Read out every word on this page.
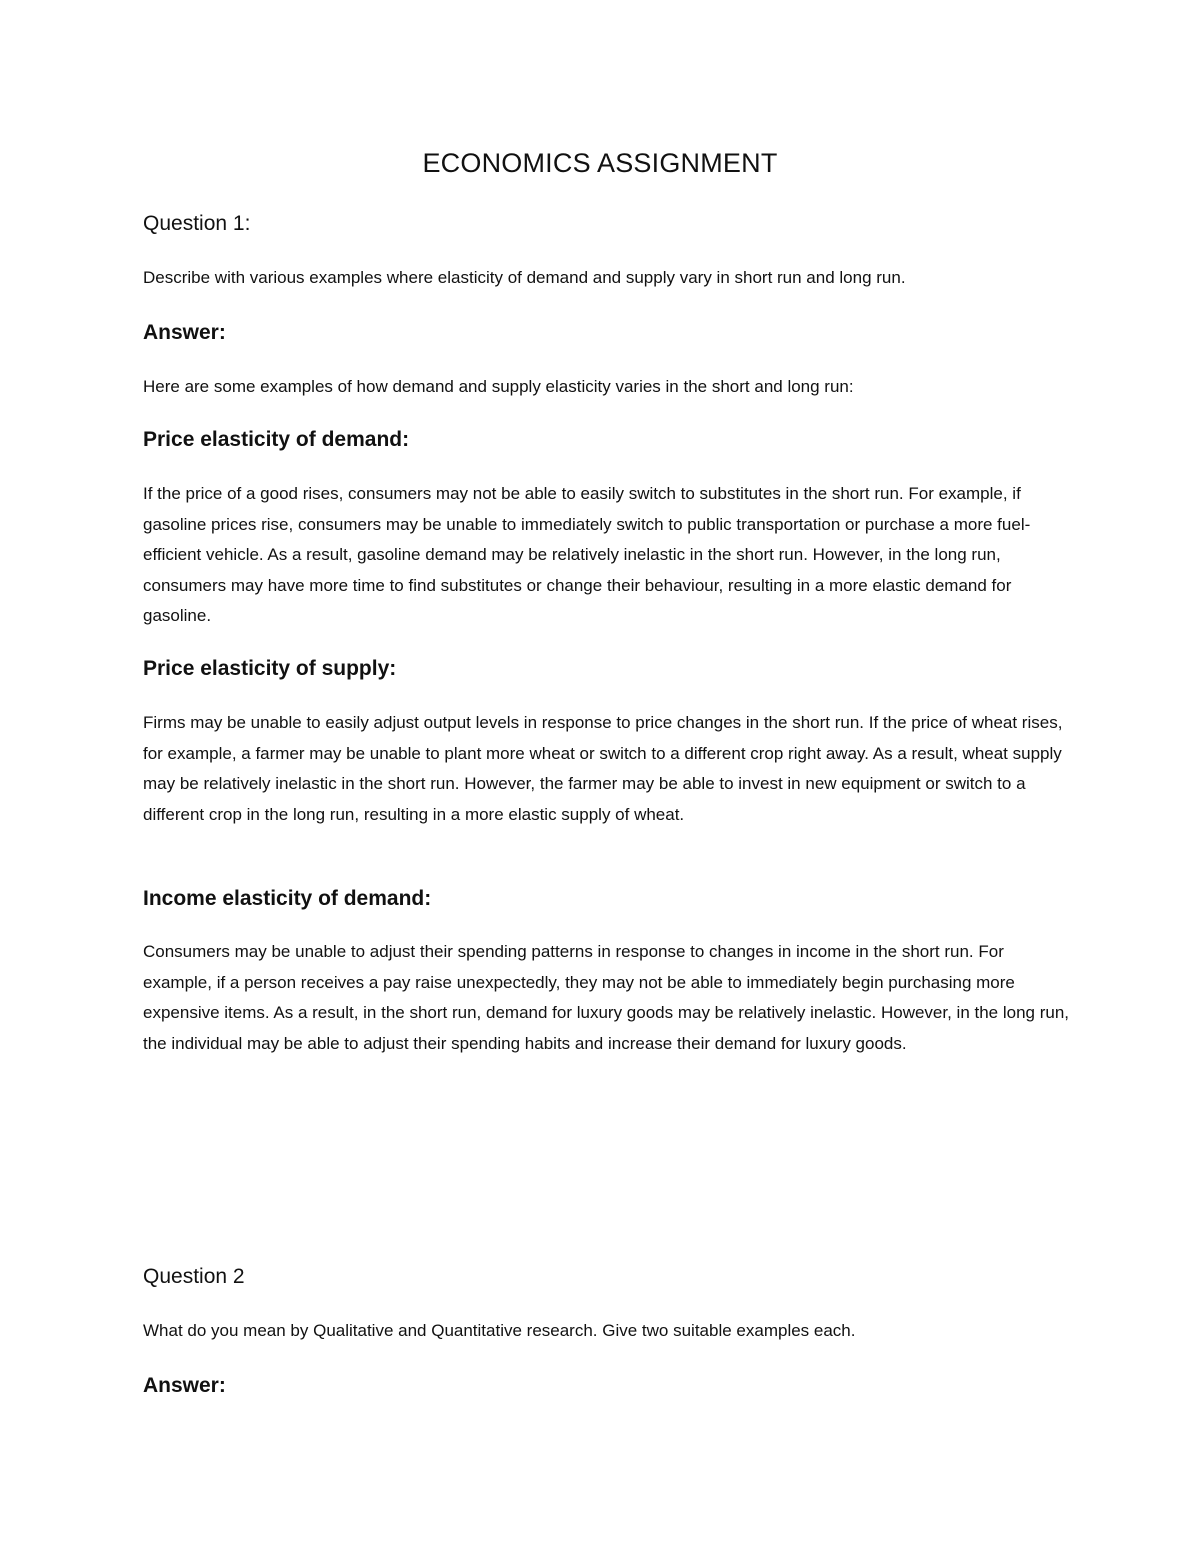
ECONOMICS ASSIGNMENT
Question 1:
Describe with various examples where elasticity of demand and supply vary in short run and long run.
Answer:
Here are some examples of how demand and supply elasticity varies in the short and long run:
Price elasticity of demand:
If the price of a good rises, consumers may not be able to easily switch to substitutes in the short run. For example, if gasoline prices rise, consumers may be unable to immediately switch to public transportation or purchase a more fuel-efficient vehicle. As a result, gasoline demand may be relatively inelastic in the short run. However, in the long run, consumers may have more time to find substitutes or change their behaviour, resulting in a more elastic demand for gasoline.
Price elasticity of supply:
Firms may be unable to easily adjust output levels in response to price changes in the short run. If the price of wheat rises, for example, a farmer may be unable to plant more wheat or switch to a different crop right away. As a result, wheat supply may be relatively inelastic in the short run. However, the farmer may be able to invest in new equipment or switch to a different crop in the long run, resulting in a more elastic supply of wheat.
Income elasticity of demand:
Consumers may be unable to adjust their spending patterns in response to changes in income in the short run. For example, if a person receives a pay raise unexpectedly, they may not be able to immediately begin purchasing more expensive items. As a result, in the short run, demand for luxury goods may be relatively inelastic. However, in the long run, the individual may be able to adjust their spending habits and increase their demand for luxury goods.
Question 2
What do you mean by Qualitative and Quantitative research. Give two suitable examples each.
Answer:
